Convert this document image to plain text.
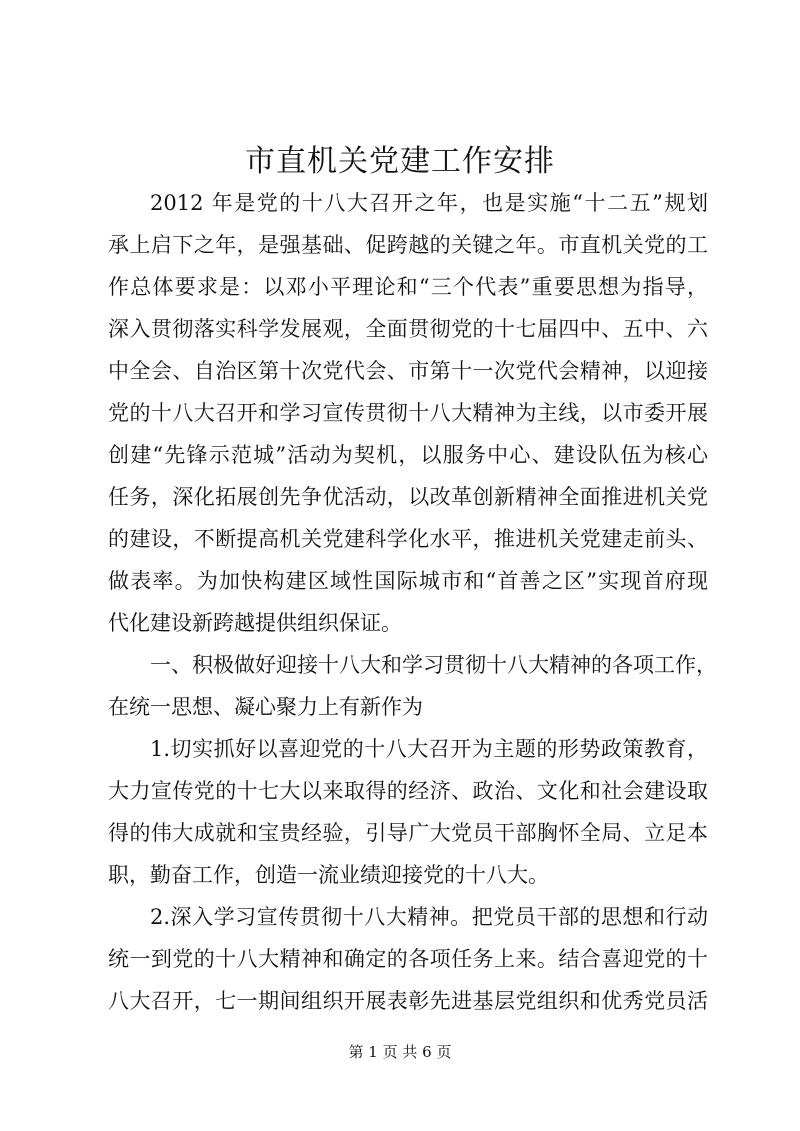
市直机关党建工作安排
2012 年是党的十八大召开之年，也是实施“十二五”规划
承上启下之年，是强基础、促跨越的关键之年。市直机关党的工
作总体要求是：以邓小平理论和“三个代表”重要思想为指导，
深入贯彻落实科学发展观，全面贯彻党的十七届四中、五中、六
中全会、自治区第十次党代会、市第十一次党代会精神，以迎接
党的十八大召开和学习宣传贯彻十八大精神为主线，以市委开展
创建“先锋示范城”活动为契机，以服务中心、建设队伍为核心
任务，深化拓展创先争优活动，以改革创新精神全面推进机关党
的建设，不断提高机关党建科学化水平，推进机关党建走前头、
做表率。为加快构建区域性国际城市和“首善之区”实现首府现
代化建设新跨越提供组织保证。
一、积极做好迎接十八大和学习贯彻十八大精神的各项工作，
在统一思想、凝心聚力上有新作为
1.切实抓好以喜迎党的十八大召开为主题的形势政策教育，
大力宣传党的十七大以来取得的经济、政治、文化和社会建设取
得的伟大成就和宝贵经验，引导广大党员干部胸怀全局、立足本
职，勤奋工作，创造一流业绩迎接党的十八大。
2.深入学习宣传贯彻十八大精神。把党员干部的思想和行动
统一到党的十八大精神和确定的各项任务上来。结合喜迎党的十
八大召开，七一期间组织开展表彰先进基层党组织和优秀党员活
第 1 页 共 6 页
